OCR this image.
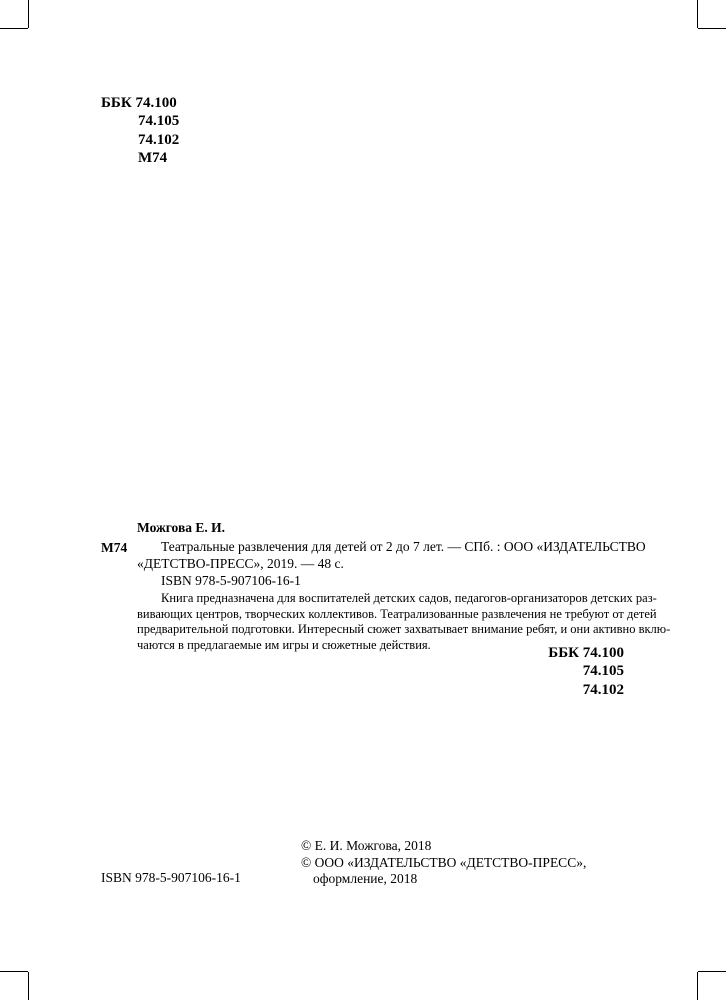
ББК 74.100
74.105
74.102
М74
Можгова Е. И.
М74	Театральные развлечения для детей от 2 до 7 лет. — СПб. : ООО «ИЗДАТЕЛЬСТВО
«ДЕТСТВО-ПРЕСС», 2019. — 48 с.
ISBN 978-5-907106-16-1
Книга предназначена для воспитателей детских садов, педагогов-организаторов детских раз-
вивающих центров, творческих коллективов. Театрализованные развлечения не требуют от детей
предварительной подготовки. Интересный сюжет захватывает внимание ребят, и они активно вклю-
чаются в предлагаемые им игры и сюжетные действия.
ББК 74.100
74.105
74.102
© Е. И. Можгова, 2018
© ООО «ИЗДАТЕЛЬСТВО «ДЕТСТВО-ПРЕСС»,
оформление, 2018
ISBN 978-5-907106-16-1
